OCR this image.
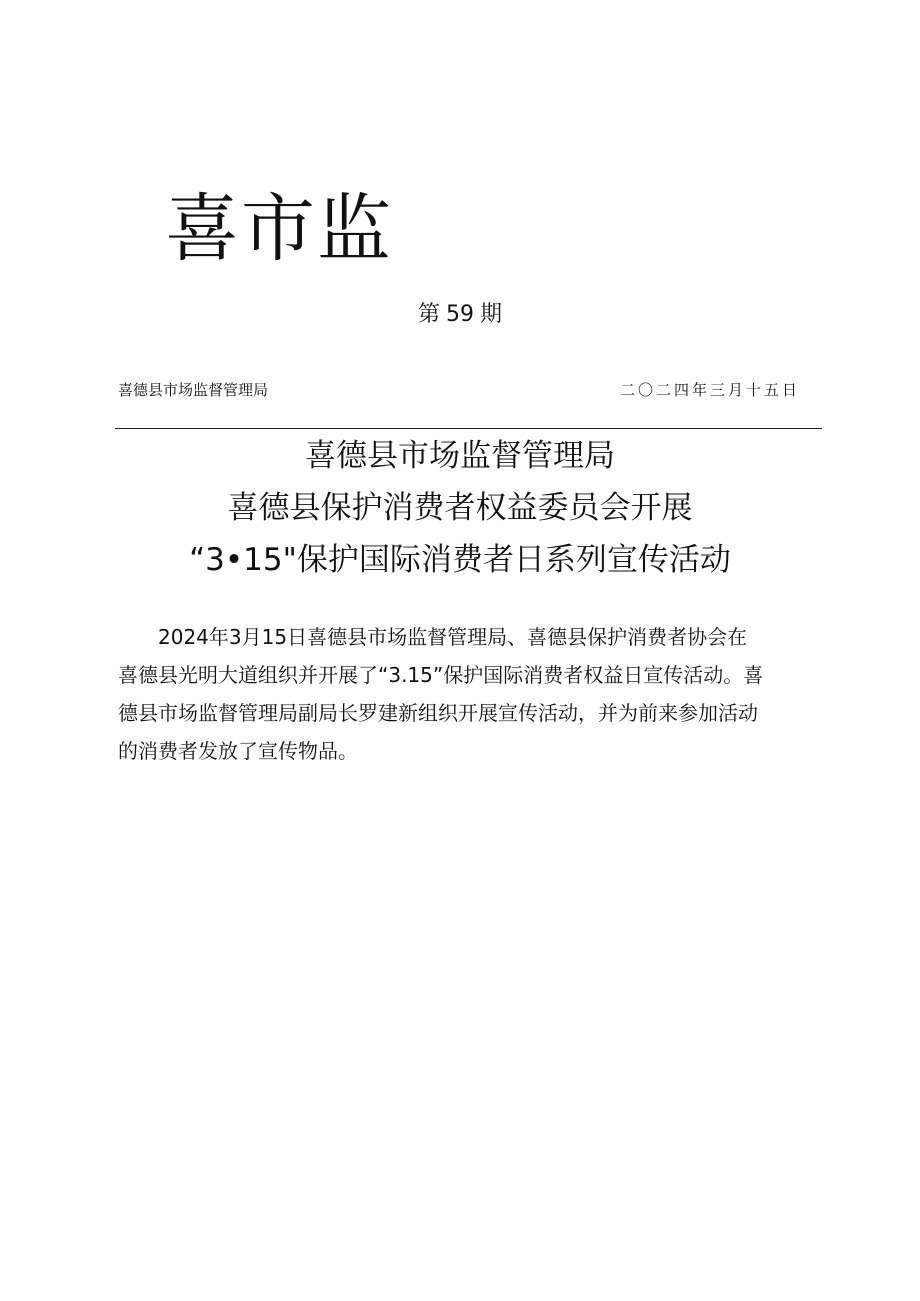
喜市监
第 59 期
喜德县市场监督管理局	二〇二四年三月十五日
喜德县市场监督管理局
喜德县保护消费者权益委员会开展
“3•15"保护国际消费者日系列宣传活动
2024年3月15日喜德县市场监督管理局、喜德县保护消费者协会在
喜德县光明大道组织并开展了“3.15”保护国际消费者权益日宣传活动。喜
德县市场监督管理局副局长罗建新组织开展宣传活动，并为前来参加活动
的消费者发放了宣传物品。
